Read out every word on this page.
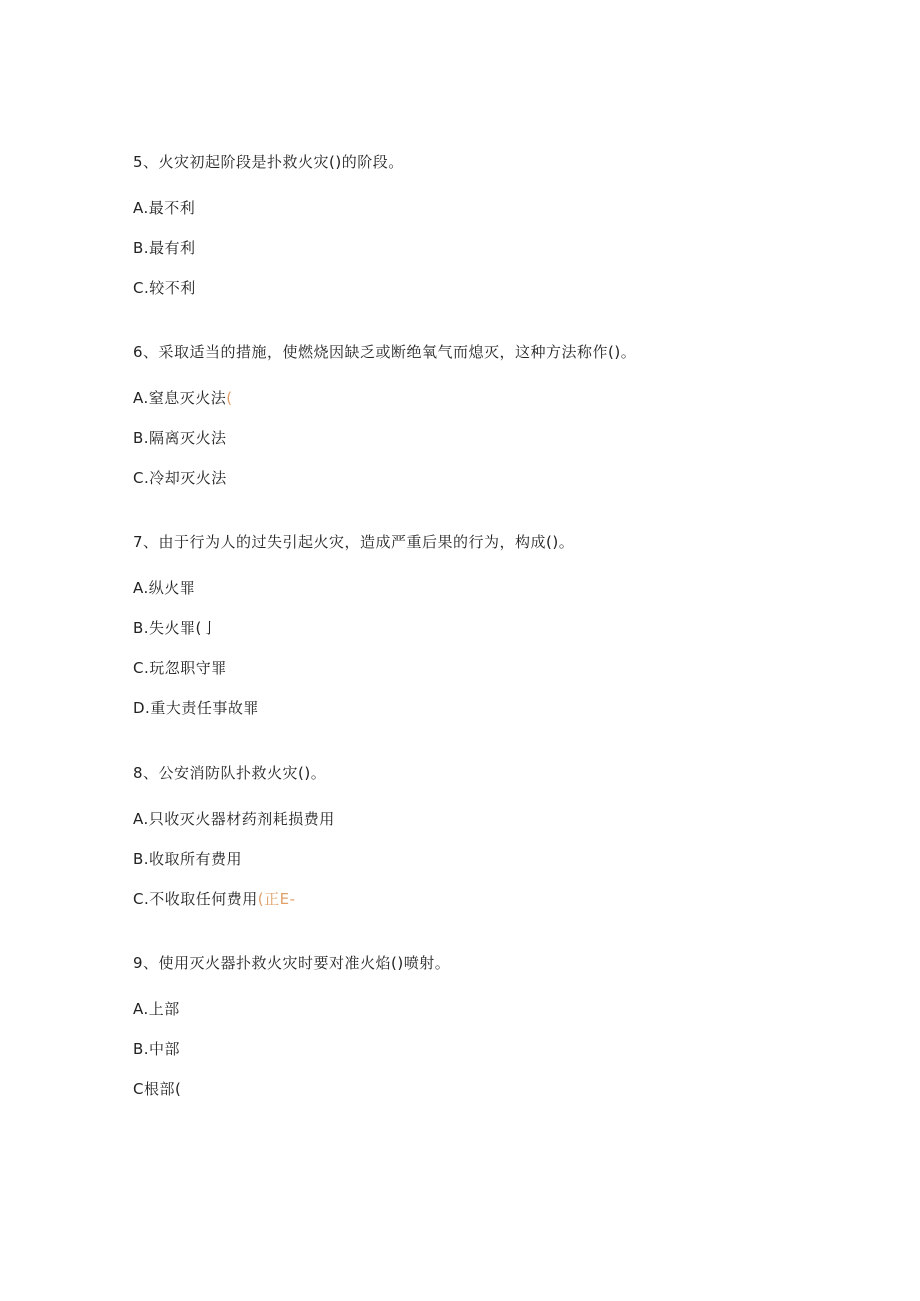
5、火灾初起阶段是扑救火灾()的阶段。
A.最不利
B.最有利
C.较不利
6、采取适当的措施，使燃烧因缺乏或断绝氧气而熄灭，这种方法称作()。
A.窒息灭火法(
B.隔离灭火法
C.冷却灭火法
7、由于行为人的过失引起火灾，造成严重后果的行为，构成()。
A.纵火罪
B.失火罪(亅
C.玩忽职守罪
D.重大责任事故罪
8、公安消防队扑救火灾()。
A.只收灭火器材药剂耗损费用
B.收取所有费用
C.不收取任何费用(正E-
9、使用灭火器扑救火灾时要对准火焰()喷射。
A.上部
B.中部
C根部(
